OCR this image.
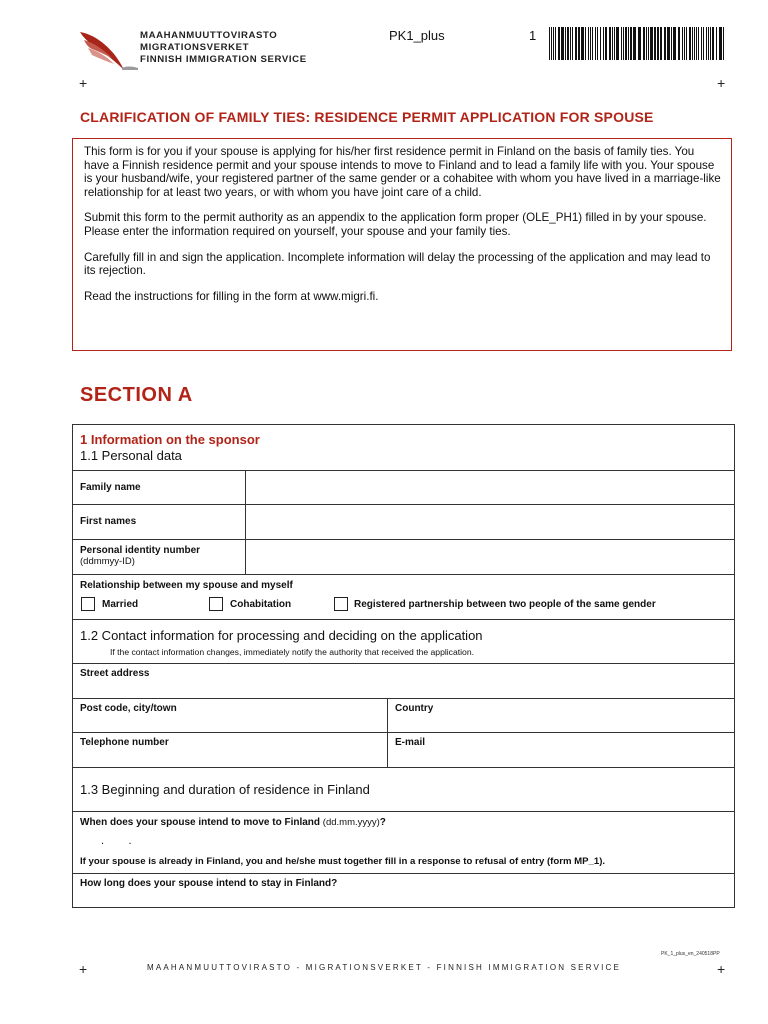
MAAHANMUUTTOVIRASTO
MIGRATIONSVERKET
FINNISH IMMIGRATION SERVICE
PK1_plus	1
+	+
CLARIFICATION OF FAMILY TIES: RESIDENCE PERMIT APPLICATION FOR SPOUSE

This form is for you if your spouse is applying for his/her first residence permit in Finland on the basis of family ties. You have a Finnish residence permit and your spouse intends to move to Finland and to lead a family life with you. Your spouse is your husband/wife, your registered partner of the same gender or a cohabitee with whom you have lived in a marriage-like relationship for at least two years, or with whom you have joint care of a child.

Submit this form to the permit authority as an appendix to the application form proper (OLE_PH1) filled in by your spouse. Please enter the information required on yourself, your spouse and your family ties.

Carefully fill in and sign the application. Incomplete information will delay the processing of the application and may lead to its rejection.

Read the instructions for filling in the form at www.migri.fi.

SECTION A
1 Information on the sponsor
1.1 Personal data
Family name
First names
Personal identity number
(ddmmyy-ID)
Relationship between my spouse and myself
Married	Cohabitation	Registered partnership between two people of the same gender
1.2 Contact information for processing and deciding on the application
If the contact information changes, immediately notify the authority that received the application.
Street address
Post code, city/town	Country
Telephone number	E-mail
1.3 Beginning and duration of residence in Finland
When does your spouse intend to move to Finland (dd.mm.yyyy)?
.        .
If your spouse is already in Finland, you and he/she must together fill in a response to refusal of entry (form MP_1).
How long does your spouse intend to stay in Finland?
PK_1_plus_en_240518PP
+	+
MAAHANMUUTTOVIRASTO - MIGRATIONSVERKET - FINNISH IMMIGRATION SERVICE
